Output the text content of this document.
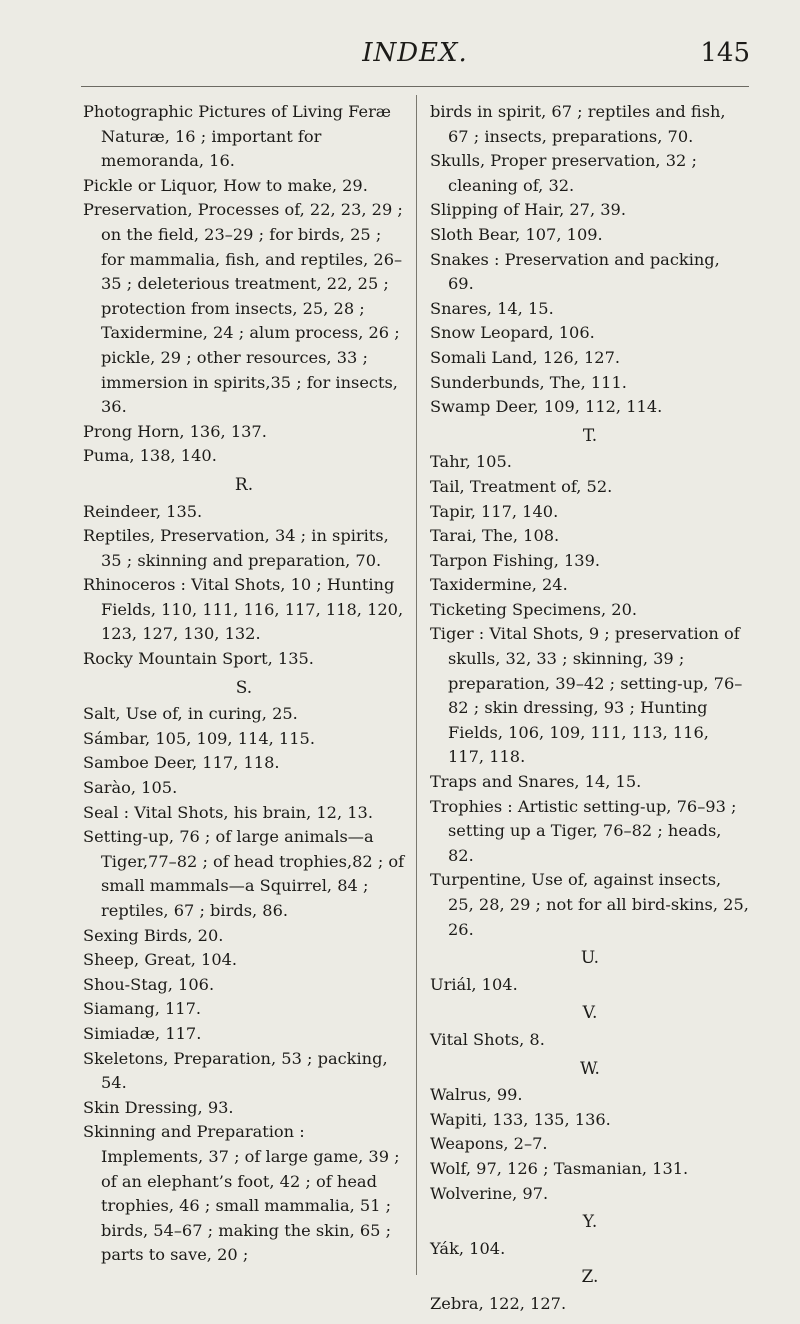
INDEX.	145

Photographic Pictures of Living Feræ Naturæ, 16 ; important for memoranda, 16.

Pickle or Liquor, How to make, 29.

Preservation, Processes of, 22, 23, 29 ; on the field, 23–29 ; for birds, 25 ; for mammalia, fish, and reptiles, 26–35 ; deleterious treatment, 22, 25 ; protection from insects, 25, 28 ; Taxidermine, 24 ; alum process, 26 ; pickle, 29 ; other resources, 33 ; immersion in spirits,35 ; for insects, 36.

Prong Horn, 136, 137.

Puma, 138, 140.

R.

Reindeer, 135.

Reptiles, Preservation, 34 ; in spirits, 35 ; skinning and preparation, 70.

Rhinoceros : Vital Shots, 10 ; Hunting Fields, 110, 111, 116, 117, 118, 120, 123, 127, 130, 132.

Rocky Mountain Sport, 135.

S.

Salt, Use of, in curing, 25.

Sámbar, 105, 109, 114, 115.

Samboe Deer, 117, 118.

Sarào, 105.

Seal : Vital Shots, his brain, 12, 13.

Setting-up, 76 ; of large animals—a Tiger,77–82 ; of head trophies,82 ; of small mammals—a Squirrel, 84 ; reptiles, 67 ; birds, 86.

Sexing Birds, 20.

Sheep, Great, 104.

Shou-Stag, 106.

Siamang, 117.

Simiadæ, 117.

Skeletons, Preparation, 53 ; packing, 54.

Skin Dressing, 93.

Skinning and Preparation : Implements, 37 ; of large game, 39 ; of an elephant’s foot, 42 ; of head trophies, 46 ; small mammalia, 51 ; birds, 54–67 ; making the skin, 65 ; parts to save, 20 ;

birds in spirit, 67 ; reptiles and fish, 67 ; insects, preparations, 70.

Skulls, Proper preservation, 32 ; cleaning of, 32.

Slipping of Hair, 27, 39.

Sloth Bear, 107, 109.

Snakes : Preservation and packing, 69.

Snares, 14, 15.

Snow Leopard, 106.

Somali Land, 126, 127.

Sunderbunds, The, 111.

Swamp Deer, 109, 112, 114.

T.

Tahr, 105.

Tail, Treatment of, 52.

Tapir, 117, 140.

Tarai, The, 108.

Tarpon Fishing, 139.

Taxidermine, 24.

Ticketing Specimens, 20.

Tiger : Vital Shots, 9 ; preservation of skulls, 32, 33 ; skinning, 39 ; preparation, 39–42 ; setting-up, 76–82 ; skin dressing, 93 ; Hunting Fields, 106, 109, 111, 113, 116, 117, 118.

Traps and Snares, 14, 15.

Trophies : Artistic setting-up, 76–93 ; setting up a Tiger, 76–82 ; heads, 82.

Turpentine, Use of, against insects, 25, 28, 29 ; not for all bird-skins, 25, 26.

U.

Uriál, 104.

V.

Vital Shots, 8.

W.

Walrus, 99.

Wapiti, 133, 135, 136.

Weapons, 2–7.

Wolf, 97, 126 ; Tasmanian, 131.

Wolverine, 97.

Y.

Yák, 104.

Z.

Zebra, 122, 127.
